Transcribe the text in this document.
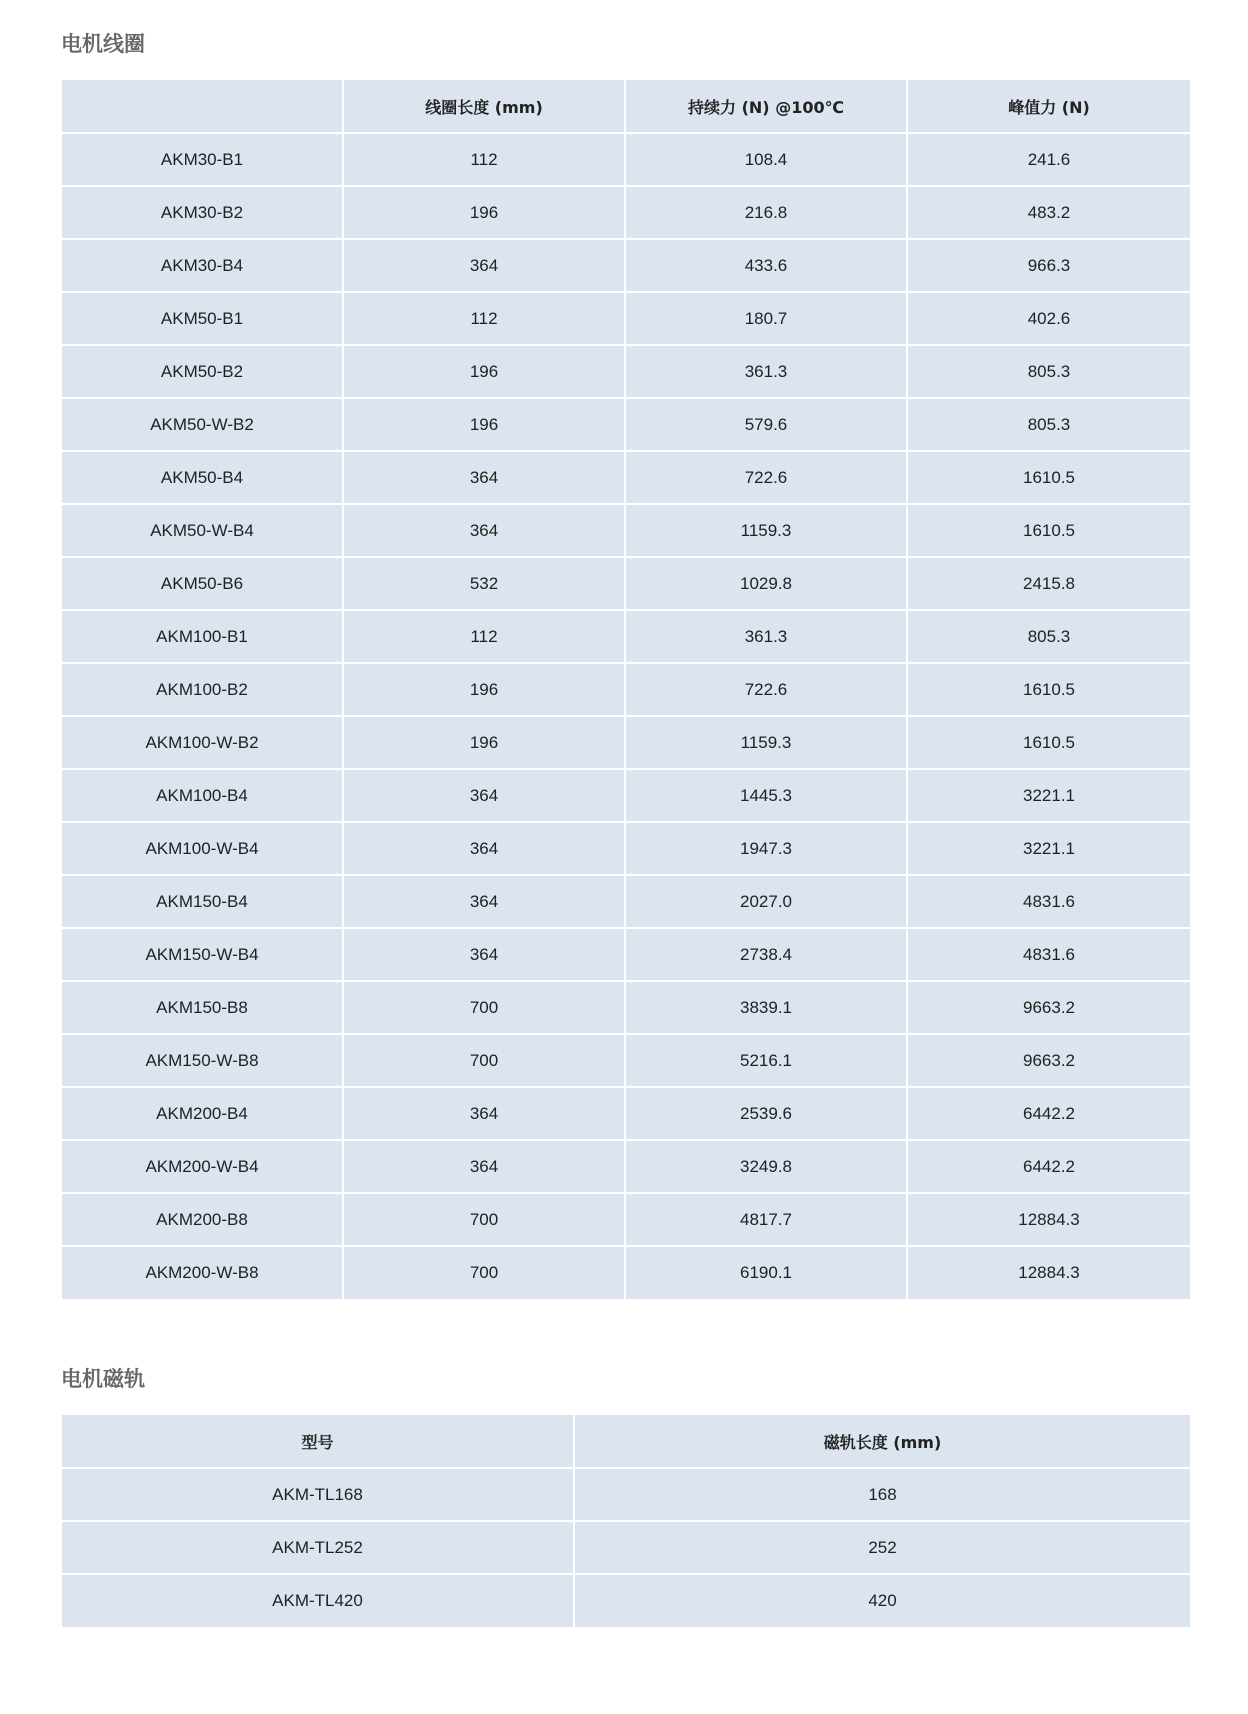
电机线圈
	线圈长度 (mm)	持续力 (N) @100℃	峰值力 (N)
AKM30-B1	112	108.4	241.6
AKM30-B2	196	216.8	483.2
AKM30-B4	364	433.6	966.3
AKM50-B1	112	180.7	402.6
AKM50-B2	196	361.3	805.3
AKM50-W-B2	196	579.6	805.3
AKM50-B4	364	722.6	1610.5
AKM50-W-B4	364	1159.3	1610.5
AKM50-B6	532	1029.8	2415.8
AKM100-B1	112	361.3	805.3
AKM100-B2	196	722.6	1610.5
AKM100-W-B2	196	1159.3	1610.5
AKM100-B4	364	1445.3	3221.1
AKM100-W-B4	364	1947.3	3221.1
AKM150-B4	364	2027.0	4831.6
AKM150-W-B4	364	2738.4	4831.6
AKM150-B8	700	3839.1	9663.2
AKM150-W-B8	700	5216.1	9663.2
AKM200-B4	364	2539.6	6442.2
AKM200-W-B4	364	3249.8	6442.2
AKM200-B8	700	4817.7	12884.3
AKM200-W-B8	700	6190.1	12884.3
电机磁轨
型号	磁轨长度 (mm)
AKM-TL168	168
AKM-TL252	252
AKM-TL420	420
